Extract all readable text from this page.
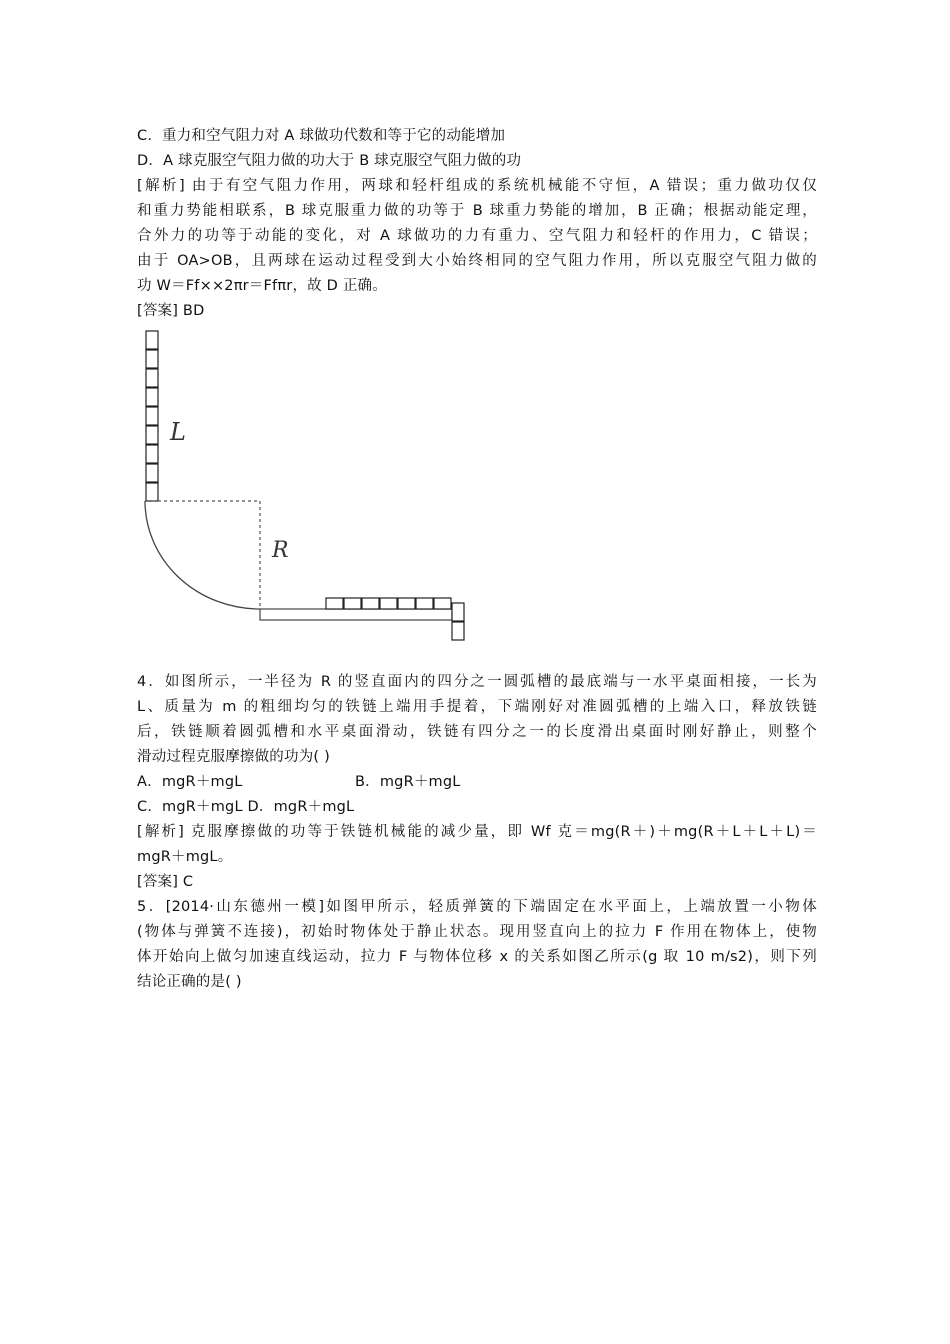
C．重力和空气阻力对 A 球做功代数和等于它的动能增加
D．A 球克服空气阻力做的功大于 B 球克服空气阻力做的功
[解析] 由于有空气阻力作用，两球和轻杆组成的系统机械能不守恒，A 错误；重力做功仅仅
和重力势能相联系，B 球克服重力做的功等于 B 球重力势能的增加，B 正确；根据动能定理，
合外力的功等于动能的变化，对 A 球做功的力有重力、空气阻力和轻杆的作用力，C 错误；
由于 OA>OB，且两球在运动过程受到大小始终相同的空气阻力作用，所以克服空气阻力做的
功 W＝Ff××2πr＝Ffπr，故 D 正确。
[答案] BD
L
R
4．如图所示，一半径为 R 的竖直面内的四分之一圆弧槽的最底端与一水平桌面相接，一长为
L、质量为 m 的粗细均匀的铁链上端用手提着，下端刚好对准圆弧槽的上端入口，释放铁链
后，铁链顺着圆弧槽和水平桌面滑动，铁链有四分之一的长度滑出桌面时刚好静止，则整个
滑动过程克服摩擦做的功为( )
A．mgR＋mgL	B．mgR＋mgL
C．mgR＋mgL D．mgR＋mgL
[解析] 克服摩擦做的功等于铁链机械能的减少量，即 Wf 克＝mg(R＋)＋mg(R＋L＋L＋L)＝
mgR＋mgL。
[答案] C
5．[2014·山东德州一模]如图甲所示，轻质弹簧的下端固定在水平面上，上端放置一小物体
(物体与弹簧不连接)，初始时物体处于静止状态。现用竖直向上的拉力 F 作用在物体上，使物
体开始向上做匀加速直线运动，拉力 F 与物体位移 x 的关系如图乙所示(g 取 10 m/s2)，则下列
结论正确的是( )
